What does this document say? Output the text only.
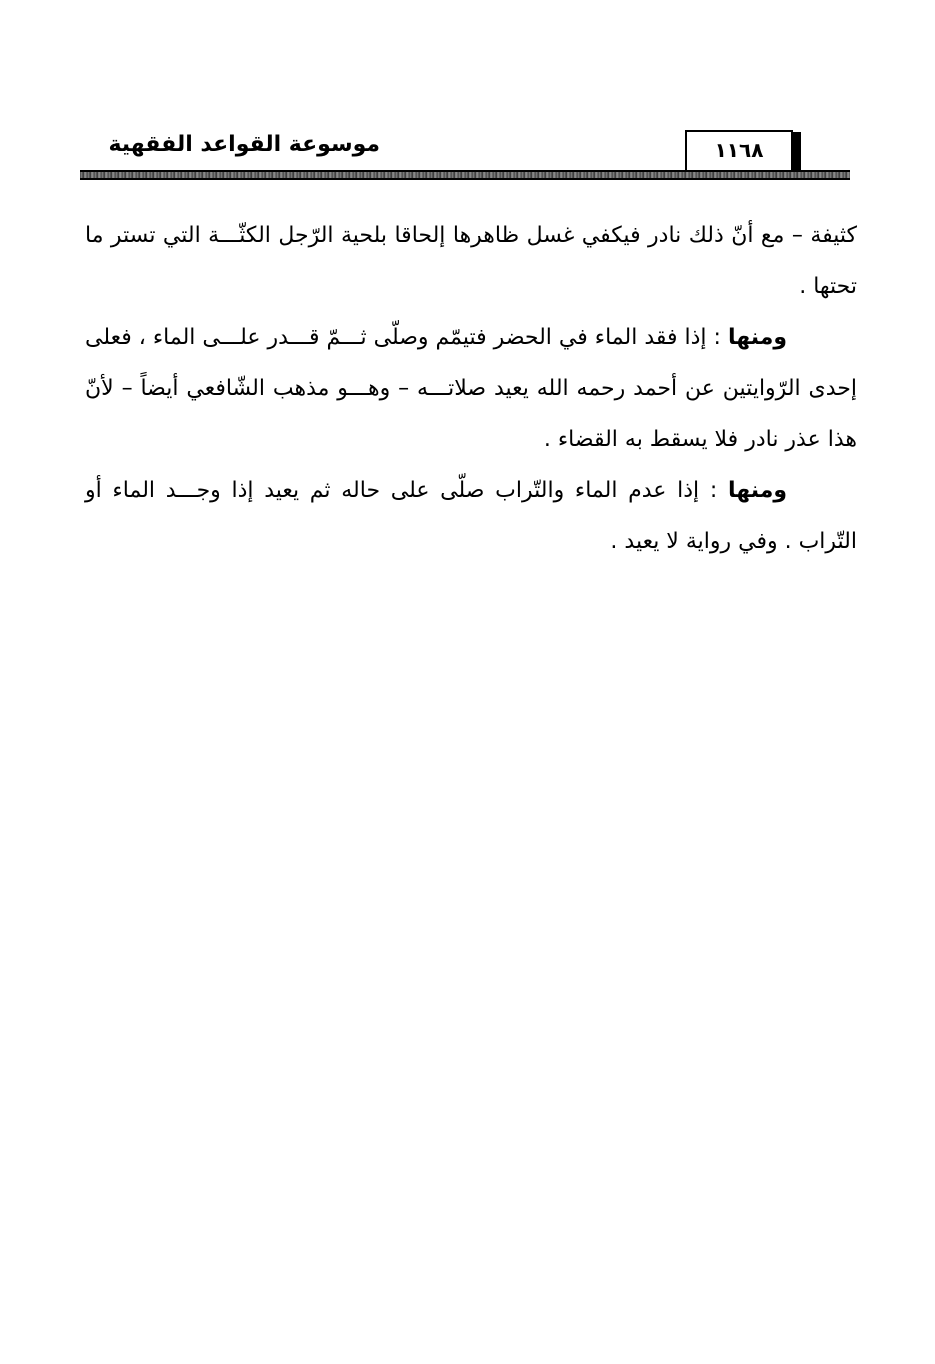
موسوعة القواعد الفقهية	١١٦٨

كثيفة – مع أنّ ذلك نادر فيكفي غسل ظاهرها إلحاقا بلحية الرّجل الكثّـــة التي تستر ما تحتها .

ومنها : إذا فقد الماء في الحضر فتيمّم وصلّى ثـــمّ قـــدر علـــى الماء ، فعلى إحدى الرّوايتين عن أحمد رحمه الله يعيد صلاتـــه – وهـــو مذهب الشّافعي أيضاً – لأنّ هذا عذر نادر فلا يسقط به القضاء .

ومنها : إذا عدم الماء والتّراب صلّى على حاله ثم يعيد إذا وجـــد الماء أو التّراب . وفي رواية لا يعيد .
